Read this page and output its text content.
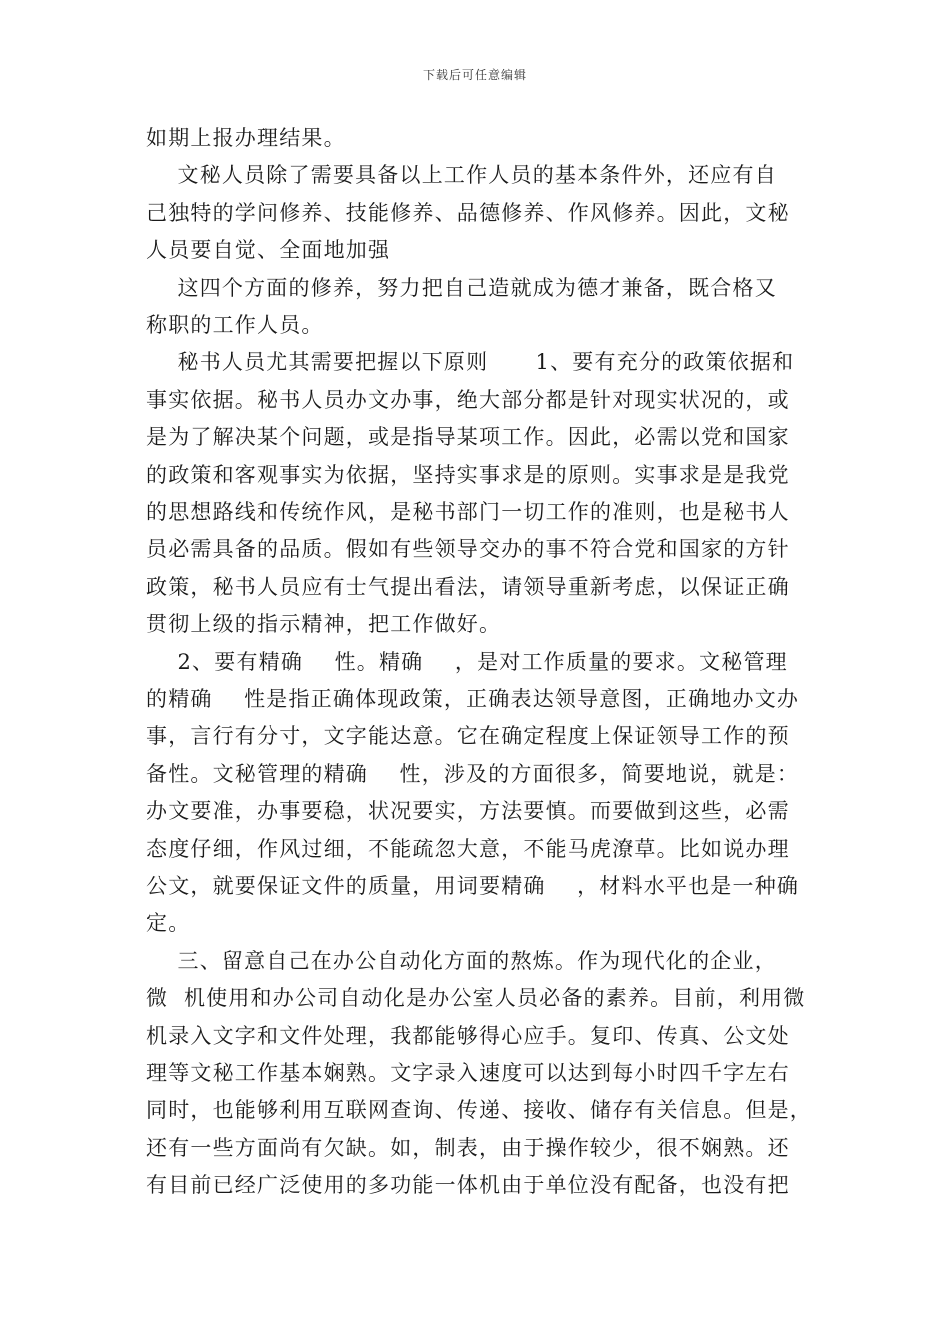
下载后可任意编辑
如期上报办理结果。
文秘人员除了需要具备以上工作人员的基本条件外，还应有自
己独特的学问修养、技能修养、品德修养、作风修养。因此，文秘
人员要自觉、全面地加强
这四个方面的修养，努力把自己造就成为德才兼备，既合格又
称职的工作人员。
秘书人员尤其需要把握以下原则      1、要有充分的政策依据和
事实依据。秘书人员办文办事，绝大部分都是针对现实状况的，或
是为了解决某个问题，或是指导某项工作。因此，必需以党和国家
的政策和客观事实为依据，坚持实事求是的原则。实事求是是我党
的思想路线和传统作风，是秘书部门一切工作的准则，也是秘书人
员必需具备的品质。假如有些领导交办的事不符合党和国家的方针
政策，秘书人员应有士气提出看法，请领导重新考虑，以保证正确
贯彻上级的指示精神，把工作做好。
2、要有精确    性。精确    ，是对工作质量的要求。文秘管理
的精确    性是指正确体现政策，正确表达领导意图，正确地办文办
事，言行有分寸，文字能达意。它在确定程度上保证领导工作的预
备性。文秘管理的精确    性，涉及的方面很多，简要地说，就是：
办文要准，办事要稳，状况要实，方法要慎。而要做到这些，必需
态度仔细，作风过细，不能疏忽大意，不能马虎潦草。比如说办理
公文，就要保证文件的质量，用词要精确    ，材料水平也是一种确
定。
三、留意自己在办公自动化方面的熬炼。作为现代化的企业，
微  机使用和办公司自动化是办公室人员必备的素养。目前，利用微
机录入文字和文件处理，我都能够得心应手。复印、传真、公文处
理等文秘工作基本娴熟。文字录入速度可以达到每小时四千字左右
同时，也能够利用互联网查询、传递、接收、储存有关信息。但是，
还有一些方面尚有欠缺。如，制表，由于操作较少，很不娴熟。还
有目前已经广泛使用的多功能一体机由于单位没有配备，也没有把
